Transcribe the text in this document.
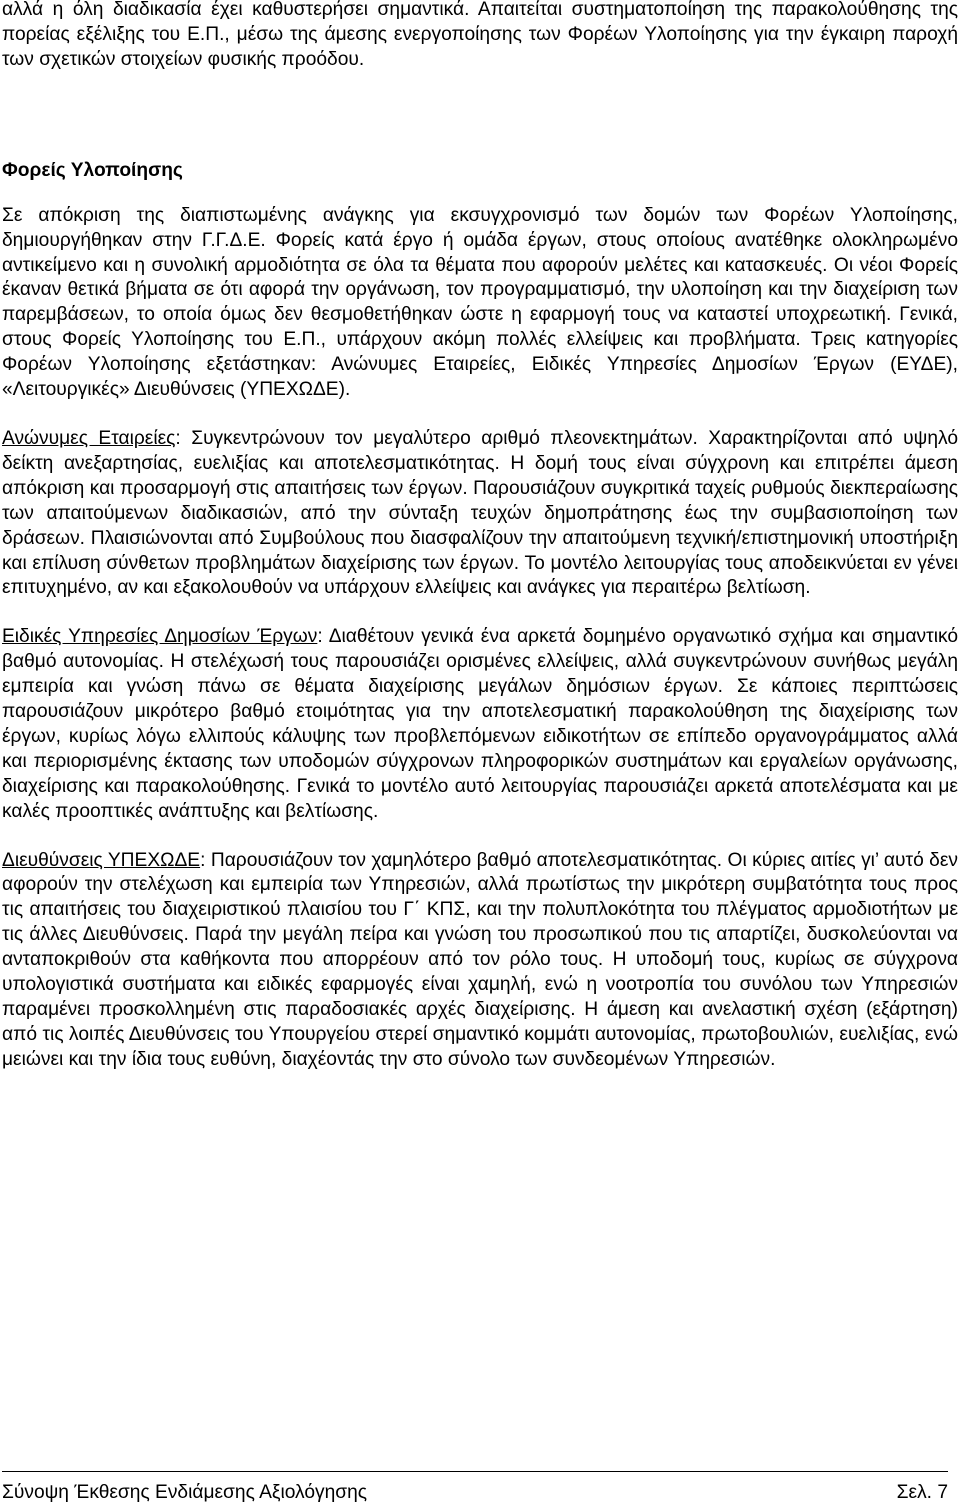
αλλά η όλη διαδικασία έχει καθυστερήσει σημαντικά. Απαιτείται συστηματοποίηση της παρακολούθησης της πορείας εξέλιξης του Ε.Π., μέσω της άμεσης ενεργοποίησης των Φορέων Υλοποίησης για την έγκαιρη παροχή των σχετικών στοιχείων φυσικής προόδου.

Φορείς Υλοποίησης

Σε απόκριση της διαπιστωμένης ανάγκης για εκσυγχρονισμό των δομών των Φορέων Υλοποίησης, δημιουργήθηκαν στην Γ.Γ.Δ.Ε. Φορείς κατά έργο ή ομάδα έργων, στους οποίους ανατέθηκε ολοκληρωμένο αντικείμενο και η συνολική αρμοδιότητα σε όλα τα θέματα που αφορούν μελέτες και κατασκευές. Οι νέοι Φορείς έκαναν θετικά βήματα σε ότι αφορά την οργάνωση, τον προγραμματισμό, την υλοποίηση και την διαχείριση των παρεμβάσεων, το οποία όμως δεν θεσμοθετήθηκαν ώστε η εφαρμογή τους να καταστεί υποχρεωτική. Γενικά, στους Φορείς Υλοποίησης του Ε.Π., υπάρχουν ακόμη πολλές ελλείψεις και προβλήματα. Τρεις κατηγορίες Φορέων Υλοποίησης εξετάστηκαν: Ανώνυμες Εταιρείες, Ειδικές Υπηρεσίες Δημοσίων Έργων (ΕΥΔΕ), «Λειτουργικές» Διευθύνσεις (ΥΠΕΧΩΔΕ).

Ανώνυμες Εταιρείες: Συγκεντρώνουν τον μεγαλύτερο αριθμό πλεονεκτημάτων. Χαρακτηρίζονται από υψηλό δείκτη ανεξαρτησίας, ευελιξίας και αποτελεσματικότητας. Η δομή τους είναι σύγχρονη και επιτρέπει άμεση απόκριση και προσαρμογή στις απαιτήσεις των έργων. Παρουσιάζουν συγκριτικά ταχείς ρυθμούς διεκπεραίωσης των απαιτούμενων διαδικασιών, από την σύνταξη τευχών δημοπράτησης έως την συμβασιοποίηση των δράσεων. Πλαισιώνονται από Συμβούλους που διασφαλίζουν την απαιτούμενη τεχνική/επιστημονική υποστήριξη και επίλυση σύνθετων προβλημάτων διαχείρισης των έργων. Το μοντέλο λειτουργίας τους αποδεικνύεται εν γένει επιτυχημένο, αν και εξακολουθούν να υπάρχουν ελλείψεις και ανάγκες για περαιτέρω βελτίωση.

Ειδικές Υπηρεσίες Δημοσίων Έργων: Διαθέτουν γενικά ένα αρκετά δομημένο οργανωτικό σχήμα και σημαντικό βαθμό αυτονομίας. Η στελέχωσή τους παρουσιάζει ορισμένες ελλείψεις, αλλά συγκεντρώνουν συνήθως μεγάλη εμπειρία και γνώση πάνω σε θέματα διαχείρισης μεγάλων δημόσιων έργων. Σε κάποιες περιπτώσεις παρουσιάζουν μικρότερο βαθμό ετοιμότητας για την αποτελεσματική παρακολούθηση της διαχείρισης των έργων, κυρίως λόγω ελλιπούς κάλυψης των προβλεπόμενων ειδικοτήτων σε επίπεδο οργανογράμματος αλλά και περιορισμένης έκτασης των υποδομών σύγχρονων πληροφορικών συστημάτων και εργαλείων οργάνωσης, διαχείρισης και παρακολούθησης. Γενικά το μοντέλο αυτό λειτουργίας παρουσιάζει αρκετά αποτελέσματα και με καλές προοπτικές ανάπτυξης και βελτίωσης.

Διευθύνσεις ΥΠΕΧΩΔΕ: Παρουσιάζουν τον χαμηλότερο βαθμό αποτελεσματικότητας. Οι κύριες αιτίες γι’ αυτό δεν αφορούν την στελέχωση και εμπειρία των Υπηρεσιών, αλλά πρωτίστως την μικρότερη συμβατότητα τους προς τις απαιτήσεις του διαχειριστικού πλαισίου του Γ΄ ΚΠΣ, και την πολυπλοκότητα του πλέγματος αρμοδιοτήτων με τις άλλες Διευθύνσεις. Παρά την μεγάλη πείρα και γνώση του προσωπικού που τις απαρτίζει, δυσκολεύονται να ανταποκριθούν στα καθήκοντα που απορρέουν από τον ρόλο τους. Η υποδομή τους, κυρίως σε σύγχρονα υπολογιστικά συστήματα και ειδικές εφαρμογές είναι χαμηλή, ενώ η νοοτροπία του συνόλου των Υπηρεσιών παραμένει προσκολλημένη στις παραδοσιακές αρχές διαχείρισης. Η άμεση και ανελαστική σχέση (εξάρτηση) από τις λοιπές Διευθύνσεις του Υπουργείου στερεί σημαντικό κομμάτι αυτονομίας, πρωτοβουλιών, ευελιξίας, ενώ μειώνει και την ίδια τους ευθύνη, διαχέοντάς την στο σύνολο των συνδεομένων Υπηρεσιών.

Σύνοψη Έκθεσης Ενδιάμεσης Αξιολόγησης	Σελ. 7
